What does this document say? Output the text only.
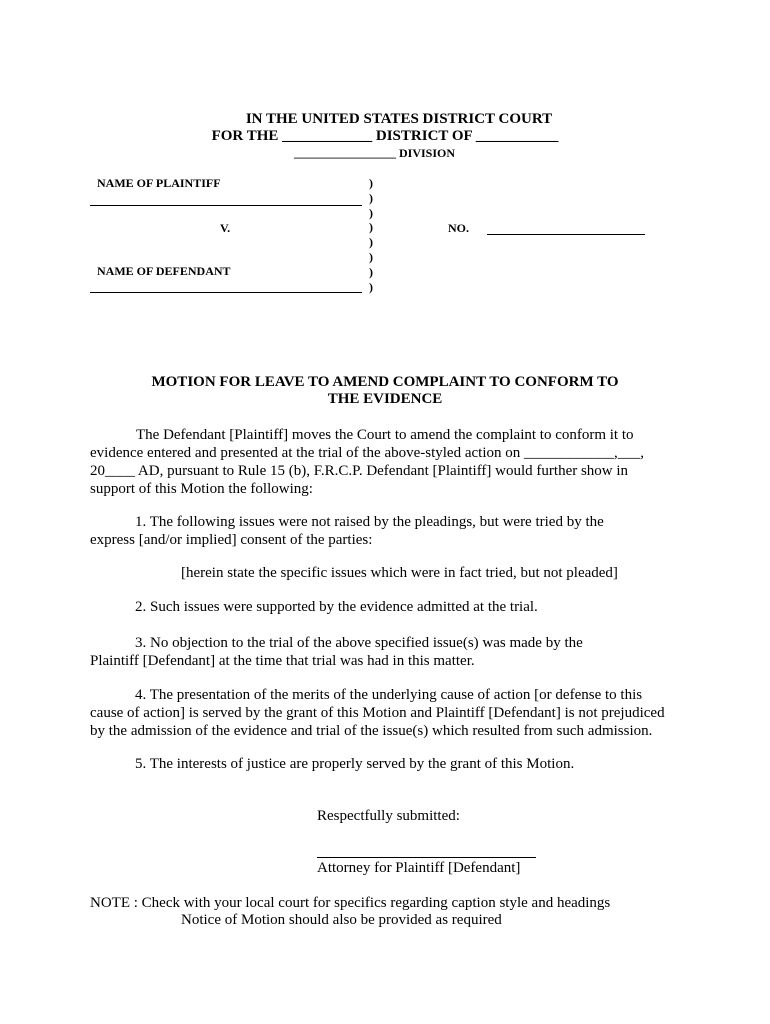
IN THE UNITED STATES DISTRICT COURT
FOR THE ____________ DISTRICT OF ___________
_________________ DIVISION
NAME OF PLAINTIFF
V.
NAME OF DEFENDANT
)
)
)
)
)
)
)
)
NO.
MOTION FOR LEAVE TO AMEND COMPLAINT TO CONFORM TO
THE EVIDENCE
The Defendant [Plaintiff] moves the Court to amend the complaint to conform it to
evidence entered and presented at the trial of the above-styled action on ____________,___,
20____ AD, pursuant to Rule 15 (b), F.R.C.P. Defendant [Plaintiff] would further show in
support of this Motion the following:
1. The following issues were not raised by the pleadings, but were tried by the
express [and/or implied] consent of the parties:
[herein state the specific issues which were in fact tried, but not pleaded]
2. Such issues were supported by the evidence admitted at the trial.
3. No objection to the trial of the above specified issue(s) was made by the
Plaintiff [Defendant] at the time that trial was had in this matter.
4. The presentation of the merits of the underlying cause of action [or defense to this
cause of action] is served by the grant of this Motion and Plaintiff [Defendant] is not prejudiced
by the admission of the evidence and trial of the issue(s) which resulted from such admission.
5. The interests of justice are properly served by the grant of this Motion.
Respectfully submitted:
Attorney for Plaintiff [Defendant]
NOTE : Check with your local court for specifics regarding caption style and headings
Notice of Motion should also be provided as required
